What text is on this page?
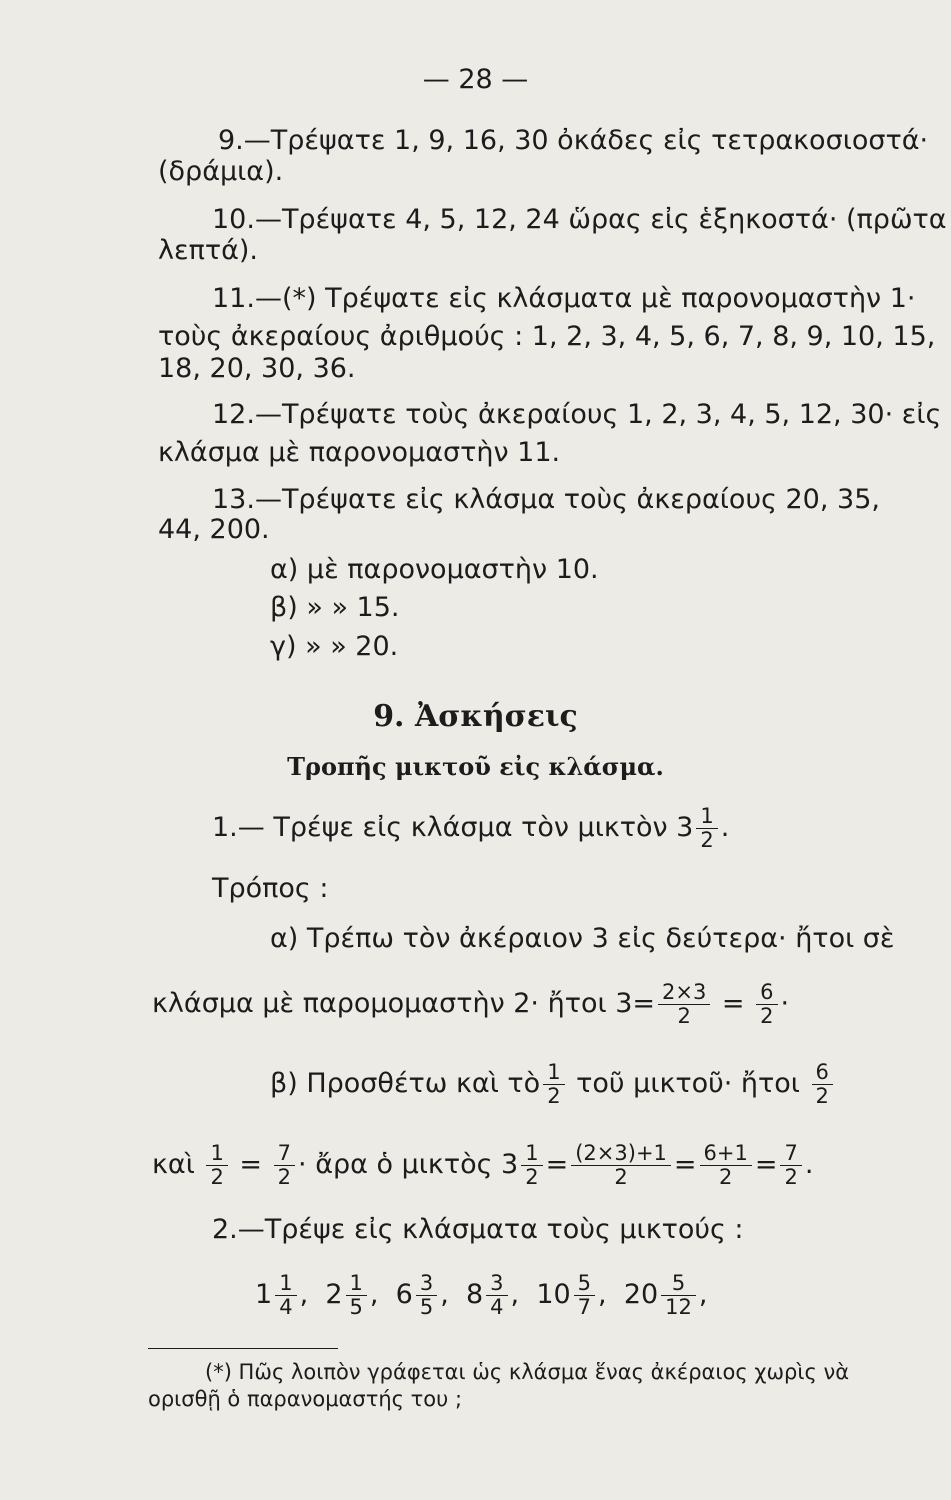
— 28 —
9.—Τρέψατε 1, 9, 16, 30 ὀκάδες εἰς τετρακοσιοστά·
(δράμια).
10.—Τρέψατε 4, 5, 12, 24 ὥρας εἰς ἑξηκοστά· (πρῶτα
λεπτά).
11.—(*) Τρέψατε εἰς κλάσματα μὲ παρονομαστὴν 1·
τοὺς ἀκεραίους ἀριθμούς : 1, 2, 3, 4, 5, 6, 7, 8, 9, 10, 15,
18, 20, 30, 36.
12.—Τρέψατε τοὺς ἀκεραίους 1, 2, 3, 4, 5, 12, 30· εἰς
κλάσμα μὲ παρονομαστὴν 11.
13.—Τρέψατε εἰς κλάσμα τοὺς ἀκεραίους 20, 35,
44, 200.
α) μὲ παρονομαστὴν 10.
β) » » 15.
γ) » » 20.
9. Ἀσκήσεις
Τροπῆς μικτοῦ εἰς κλάσμα.
1.— Τρέψε εἰς κλάσμα τὸν μικτὸν $3 \frac{1}{2}$ .
Τρόπος :
α) Τρέπω τὸν ἀκέραιον 3 εἰς δεύτερα· ἤτοι σὲ
κλάσμα μὲ παρομομαστὴν 2· ἤτοι $3= \frac{2\times 3}{2} = \frac{6}{2}$ ·
β) Προσθέτω καὶ τὸ $\frac{1}{2}$ τοῦ μικτοῦ· ἤτοι $\frac{6}{2}$
καὶ $\frac{1}{2} = \frac{7}{2}$ · ἄρα ὁ μικτὸς $3 \frac{1}{2} = \frac{(2\times 3)+1}{2} = \frac{6+1}{2} = \frac{7}{2}$ .
2.—Τρέψε εἰς κλάσματα τοὺς μικτούς :
$1 \frac{1}{4}$ , $2 \frac{1}{5}$ , $6 \frac{3}{5}$ , $8 \frac{3}{4}$ , $10 \frac{5}{7}$ , $20 \frac{5}{12}$ ,
(*) Πῶς λοιπὸν γράφεται ὡς κλάσμα ἕνας ἀκέραιος χωρὶς νὰ
ορισθῇ ὁ παρανομαστής του ;
